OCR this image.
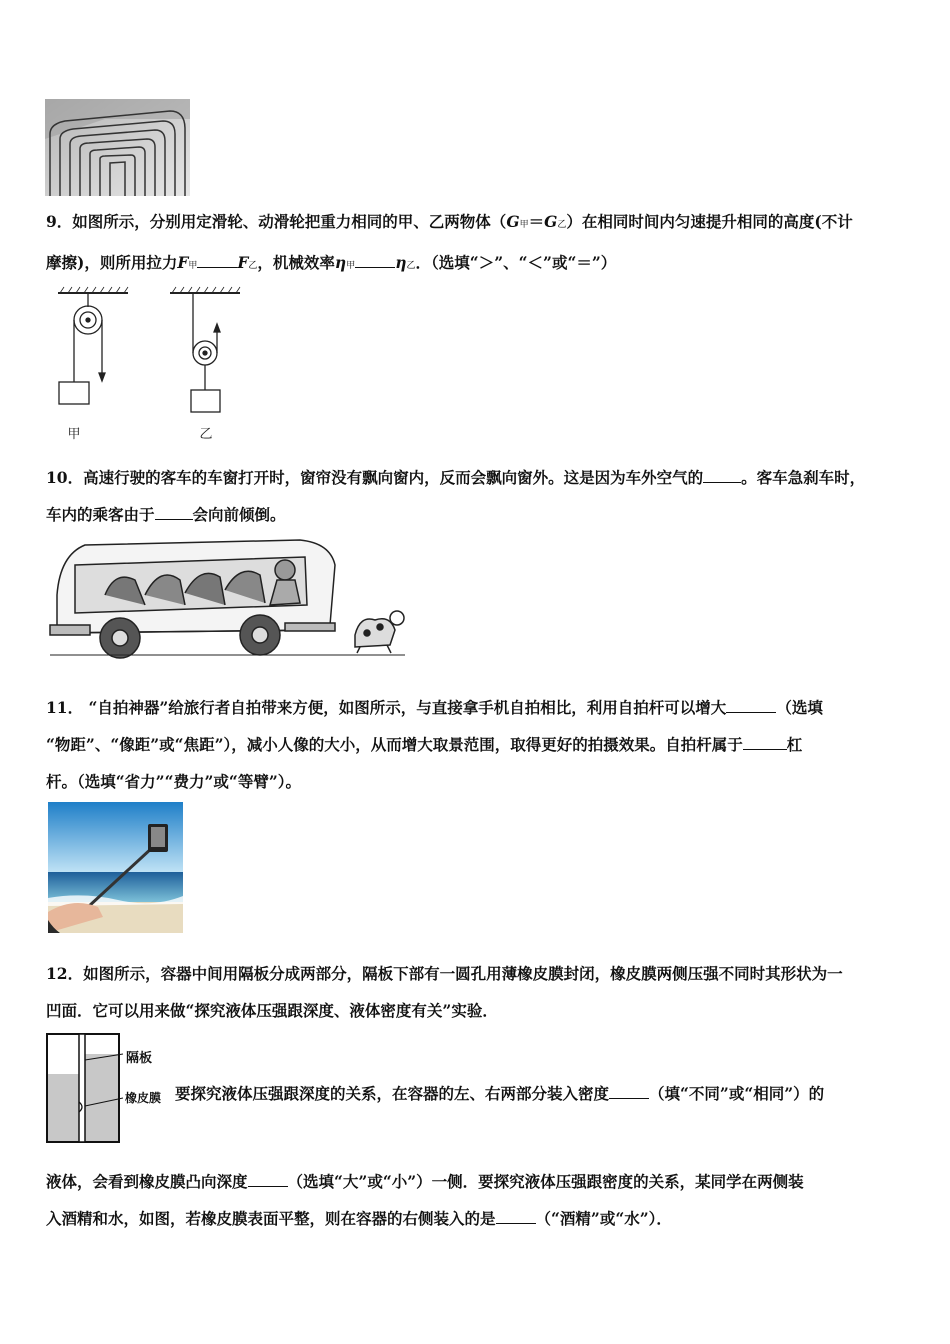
9．如图所示，分别用定滑轮、动滑轮把重力相同的甲、乙两物体（G甲＝G乙）在相同时间内匀速提升相同的高度(不计

摩擦)，则所用拉力F甲	F乙，机械效率η甲	η乙．（选填“＞”、“＜”或“＝”）

甲	乙

10．高速行驶的客车的车窗打开时，窗帘没有飘向窗内，反而会飘向窗外。这是因为车外空气的 。客车急刹车时，

车内的乘客由于 会向前倾倒。

11． “自拍神器”给旅行者自拍带来方便，如图所示，与直接拿手机自拍相比，利用自拍杆可以增大	（选填

“物距”、“像距”或“焦距”），减小人像的大小，从而增大取景范围，取得更好的拍摄效果。自拍杆属于	杠

杆。（选填“省力”“费力”或“等臂”）。

12．如图所示，容器中间用隔板分成两部分，隔板下部有一圆孔用薄橡皮膜封闭，橡皮膜两侧压强不同时其形状为一

凹面．它可以用来做“探究液体压强跟深度、液体密度有关”实验．

隔板
橡皮膜 要探究液体压强跟深度的关系，在容器的左、右两部分装入密度	（填“不同”或“相同”）的

液体，会看到橡皮膜凸向深度	（选填“大”或“小”）一侧．要探究液体压强跟密度的关系，某同学在两侧装

入酒精和水，如图，若橡皮膜表面平整，则在容器的右侧装入的是	（“酒精”或“水”）．
